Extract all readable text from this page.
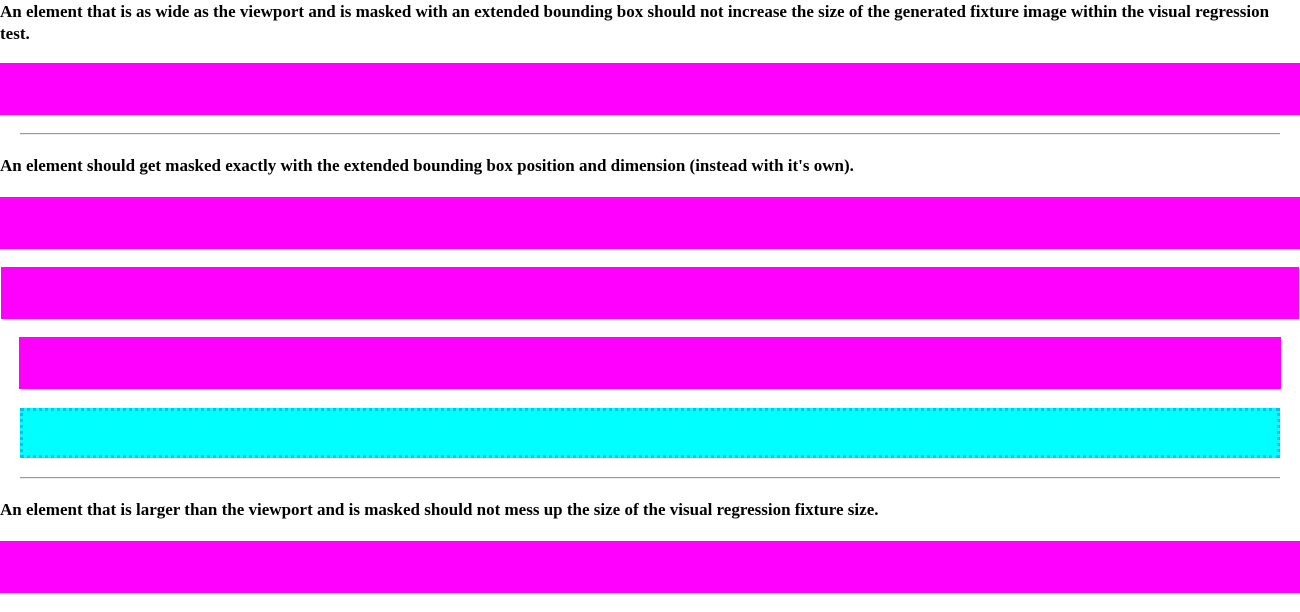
An element that is as wide as the viewport and is masked with an extended bounding box should not increase the size of the generated fixture image within the visual regression test.

An element should get masked exactly with the extended bounding box position and dimension (instead with it's own).

An element that is larger than the viewport and is masked should not mess up the size of the visual regression fixture size.
